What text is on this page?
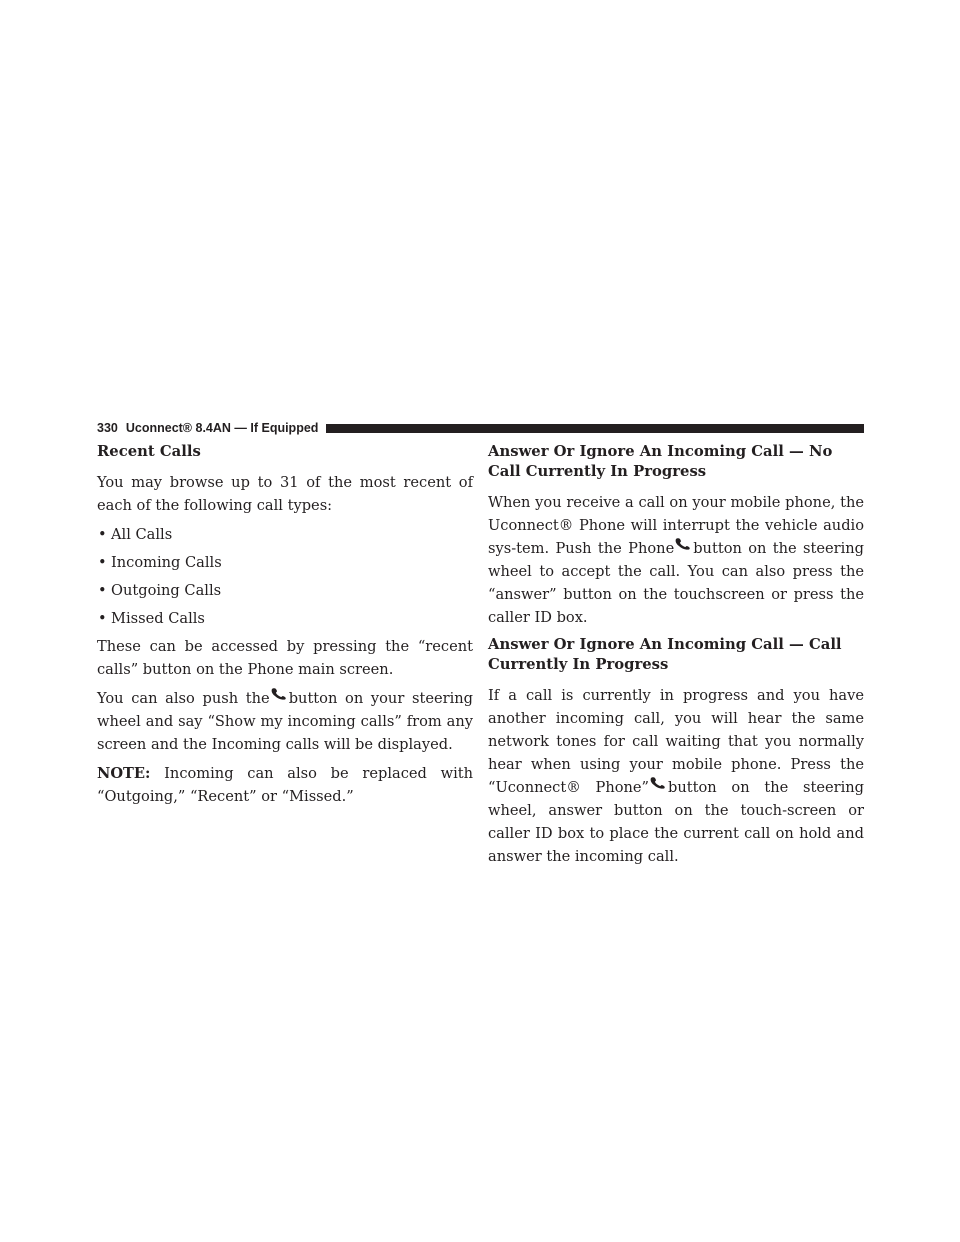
330 Uconnect® 8.4AN — If Equipped
Recent Calls

You may browse up to 31 of the most recent of each of the following call types:

• All Calls
• Incoming Calls
• Outgoing Calls
• Missed Calls

These can be accessed by pressing the “recent calls” button on the Phone main screen.

You can also push the button on your steering wheel and say “Show my incoming calls” from any screen and the Incoming calls will be displayed.

NOTE: Incoming can also be replaced with “Outgoing,” “Recent” or “Missed.”

Answer Or Ignore An Incoming Call — No Call Currently In Progress

When you receive a call on your mobile phone, the Uconnect® Phone will interrupt the vehicle audio sys-tem. Push the Phone button on the steering wheel to accept the call. You can also press the “answer” button on the touchscreen or press the caller ID box.

Answer Or Ignore An Incoming Call — Call Currently In Progress

If a call is currently in progress and you have another incoming call, you will hear the same network tones for call waiting that you normally hear when using your mobile phone. Press the “Uconnect® Phone” button on the steering wheel, answer button on the touch-screen or caller ID box to place the current call on hold and answer the incoming call.
